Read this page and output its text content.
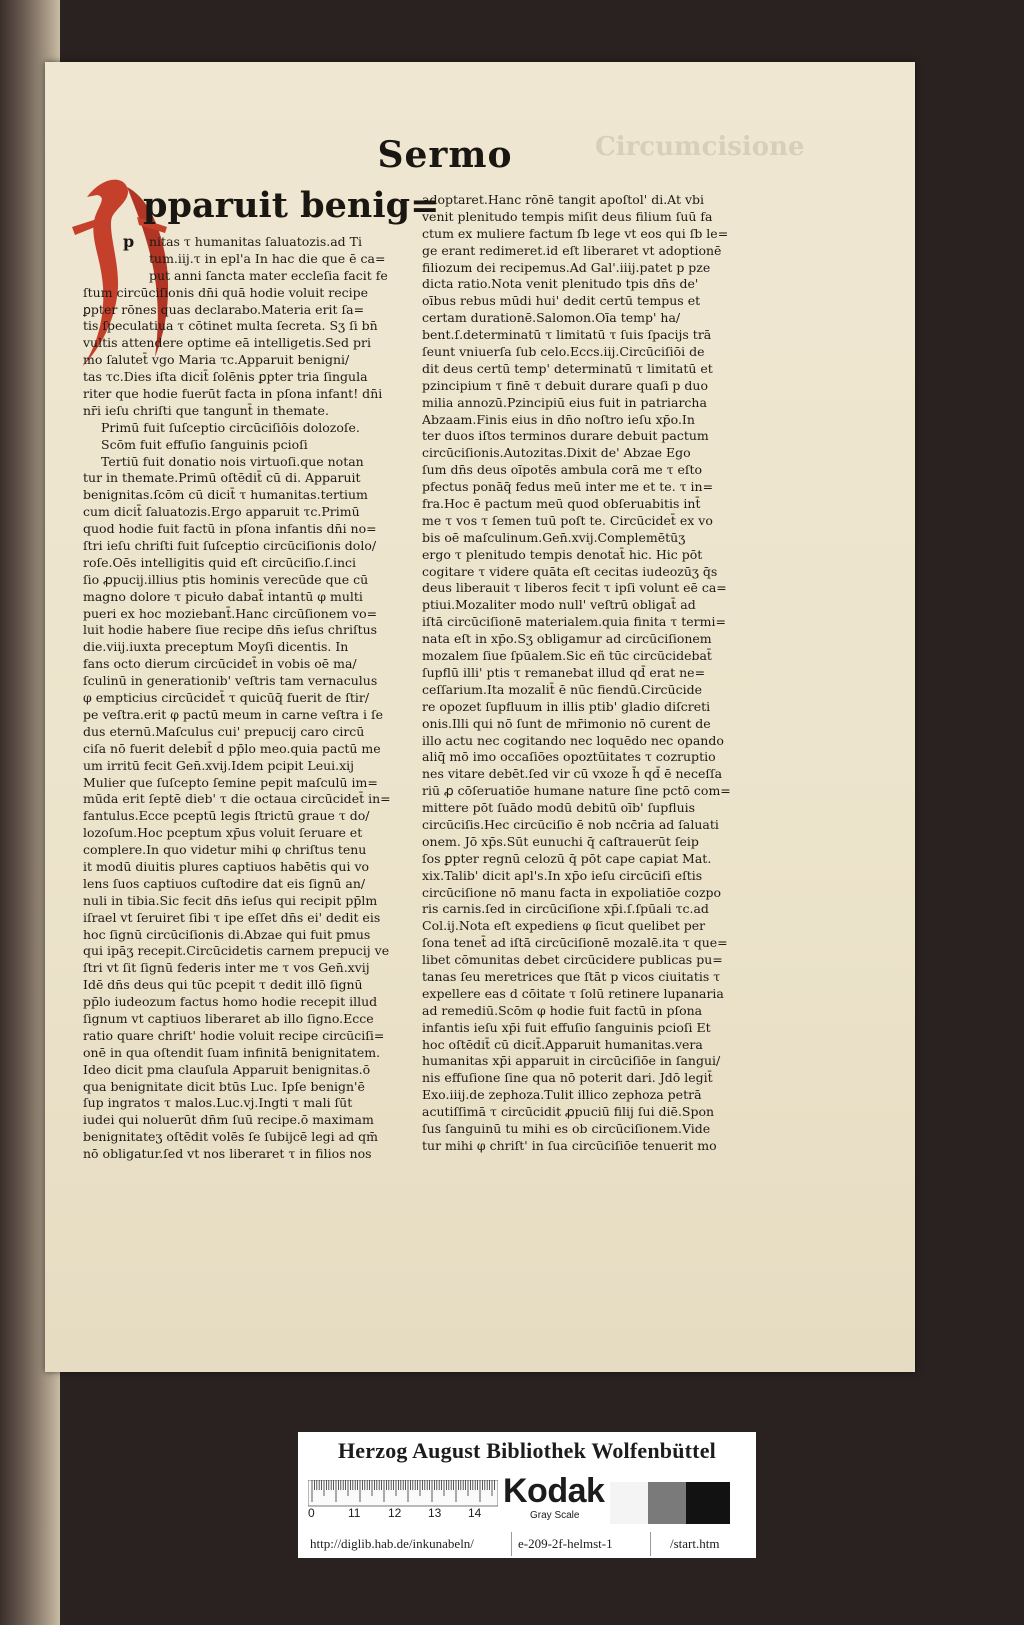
Circumcisione
Sermo
p
pparuit benig=
nitas τ humanitas ſaluatozis.ad Ti
tum.iij.τ in epl'a In hac die que ē ca=
put anni ſancta mater eccleſia facit fe
ſtum circūciſionis dn̄i quā hodie voluit recipe
ꝑpter rōnes quas declarabo.Materia erit ſa=
tis ſpeculatiua τ cōtinet multa ſecreta. Sʒ ſi bn̄
vultis attendere optime eā intelligetis.Sed pri
mo ſalutet̄ vgo Maria τc.Apparuit benigni/
tas τc.Dies iſta dicit̄ ſolēnis ꝑpter tria ſingula
riter que hodie fuerūt facta in pſona infant! dn̄i
nr̄i ieſu chriſti que tangunt̄ in themate.
Primū fuit ſuſceptio circūciſiōis dolozoſe.
Scōm fuit effuſio ſanguinis pcioſi
Tertiū fuit donatio nois virtuoſi.que notan
tur in themate.Primū oſtēdit̄ cū di. Apparuit
benignitas.ſcōm cū dicit̄ τ humanitas.tertium
cum dicit̄ ſaluatozis.Ergo apparuit τc.Primū
quod hodie fuit factū in pſona infantis dn̄i no=
ſtri ieſu chriſti fuit ſuſceptio circūciſionis dolo/
roſe.Oēs intelligitis quid eſt circūciſio.ſ.inci
ſio ꝓpucij.illius ptis hominis verecūde que cū
magno dolore τ picuło dabat̄ intantū φ multi
pueri ex hoc moziebant̄.Hanc circūſionem vo=
luit hodie habere ſiue recipe dn̄s ieſus chriſtus
die.viij.iuxta preceptum Moyſi dicentis. In
fans octo dierum circūcidet̄ in vobis oē ma/
ſculinū in generationib' veſtris tam vernaculus
φ empticius circūcidet̄ τ quicūq̄ fuerit de ſtir/
pe veſtra.erit φ pactū meum in carne veſtra i ſe
dus eternū.Maſculus cui' prepucij caro circū
ciſa nō fuerit delebit̄ d pp̄lo meo.quia pactū me
um irritū fecit Gen̄.xvij.Idem pcipit Leui.xij
Mulier que ſuſcepto ſemine pepit maſculū im=
mūda erit ſeptē dieb' τ die octaua circūcidet̄ in=
fantulus.Ecce pceptū legis ſtrictū graue τ do/
lozoſum.Hoc pceptum xp̄us voluit ſeruare et
complere.In quo videtur mihi φ chriſtus tenu
it modū diuitis plures captiuos habētis qui vo
lens ſuos captiuos cuſtodire dat eis ſignū an/
nuli in tibia.Sic fecit dn̄s ieſus qui recipit pp̄lm
iſrael vt ſeruiret ſibi τ ipe eſſet dn̄s ei' dedit eis
hoc ſignū circūciſionis di.Abzae qui fuit pmus
qui ipāʒ recepit.Circūcidetis carnem prepucij ve
ſtri vt ſit ſignū federis inter me τ vos Gen̄.xvij
Idē dn̄s deus qui tūc pcepit τ dedit illō ſignū
pp̄lo iudeozum factus homo hodie recepit illud
ſignum vt captiuos liberaret ab illo ſigno.Ecce
ratio quare chriſt' hodie voluit recipe circūciſi=
onē in qua oſtendit ſuam infinitā benignitatem.
Ideo dicit pma clauſula Apparuit benignitas.ō
qua benignitate dicit btūs Luc. Ipſe benign'ē
ſup ingratos τ malos.Luc.vj.Ingti τ mali ſūt
iudei qui noluerūt dn̄m ſuū recipe.ō maximam
benignitateʒ oſtēdit volēs ſe ſubijcē legi ad qm̄
nō obligatur.ſed vt nos liberaret τ in filios nos
adoptaret.Hanc rōnē tangit apoſtol' di.At vbi
venit plenitudo tempis miſit deus filium ſuū fa
ctum ex muliere factum ſb lege vt eos qui ſb le=
ge erant redimeret.id eſt liberaret vt adoptionē
filiozum dei recipemus.Ad Gal'.iiij.patet p pze
dicta ratio.Nota venit plenitudo tpis dn̄s de'
oībus rebus mūdi hui' dedit certū tempus et
certam durationē.Salomon.Oīa temp' ha/
bent.ſ.determinatū τ limitatū τ ſuis ſpacijs trā
ſeunt vniuerſa ſub celo.Eccs.iij.Circūciſiōi de
dit deus certū temp' determinatū τ limitatū et
pzincipium τ finē τ debuit durare quaſi p duo
milia annozū.Pzincipiū eius fuit in patriarcha
Abzaam.Finis eius in dn̄o noſtro ieſu xp̄o.In
ter duos iſtos terminos durare debuit pactum
circūciſionis.Autozitas.Dixit de' Abzae Ego
ſum dn̄s deus oīpotēs ambula corā me τ eſto
pfectus ponāq̄ fedus meū inter me et te. τ in=
fra.Hoc ē pactum meū quod obſeruabitis int̄
me τ vos τ ſemen tuū poſt te. Circūcidet̄ ex vo
bis oē maſculinum.Gen̄.xvij.Complemētūʒ
ergo τ plenitudo tempis denotat̄ hic. Hic pōt
cogitare τ videre quāta eſt cecitas iudeozūʒ q̄s
deus liberauit τ liberos fecit τ ipſi volunt eē ca=
ptiui.Mozaliter modo null' veſtrū obligat̄ ad
iſtā circūciſionē materialem.quia finita τ termi=
nata eſt in xp̄o.Sʒ obligamur ad circūciſionem
mozalem ſiue ſpūalem.Sic eñ tūc circūcidebat̄
ſupflū illi' ptis τ remanebat illud qd̄ erat ne=
ceſſarium.Ita mozalit̄ ē nūc fiendū.Circūcide
re opozet ſupfluum in illis ptib' gladio diſcreti
onis.Illi qui nō ſunt de mr̄imonio nō curent de
illo actu nec cogitando nec loquēdo nec opando
aliq̄ mō imo occaſiōes opoztūitates τ cozruptio
nes vitare debēt.ſed vir cū vxoze h̄ qd̄ ē neceſſa
riū ꝓ cōſeruatiōe humane nature ſine pctō com=
mittere pōt ſuādo modū debitū oīb' ſupfluis
circūciſis.Hec circūciſio ē nob ncc̄ria ad ſaluati
onem. Jō xp̄s.Sūt eunuchi q̄ caſtrauerūt ſeip
ſos ꝑpter regnū celozū q̄ pōt cape capiat Mat.
xix.Talib' dicit apl's.In xp̄o ieſu circūciſi eſtis
circūciſione nō manu facta in expoliatiōe cozpo
ris carnis.ſed in circūciſione xp̄i.ſ.ſpūali τc.ad
Col.ij.Nota eſt expediens φ ſicut quelibet per
ſona tenet̄ ad iſtā circūciſionē mozalē.ita τ que=
libet cōmunitas debet circūcidere publicas pu=
tanas ſeu meretrices que ſtāt p vicos ciuitatis τ
expellere eas d cōitate τ ſolū retinere lupanaria
ad remediū.Scōm φ hodie fuit factū in pſona
infantis ieſu xp̄i fuit effuſio ſanguinis pcioſi Et
hoc oſtēdit̄ cū dicit̄.Apparuit humanitas.vera
humanitas xp̄i apparuit in circūciſiōe in ſangui/
nis effuſione ſine qua nō poterit dari. Jdō legit̄
Exo.iiij.de zephoza.Tulit illico zephoza petrā
acutiſſimā τ circūcidit ꝓpuciū filij ſui diē.Spon
ſus ſanguinū tu mihi es ob circūciſionem.Vide
tur mihi φ chriſt' in ſua circūciſiōe tenuerit mo
Herzog August Bibliothek Wolfenbüttel
0	11 12 13 14
Kodak
Gray Scale
http://diglib.hab.de/inkunabeln/	e-209-2f-helmst-1	/start.htm
